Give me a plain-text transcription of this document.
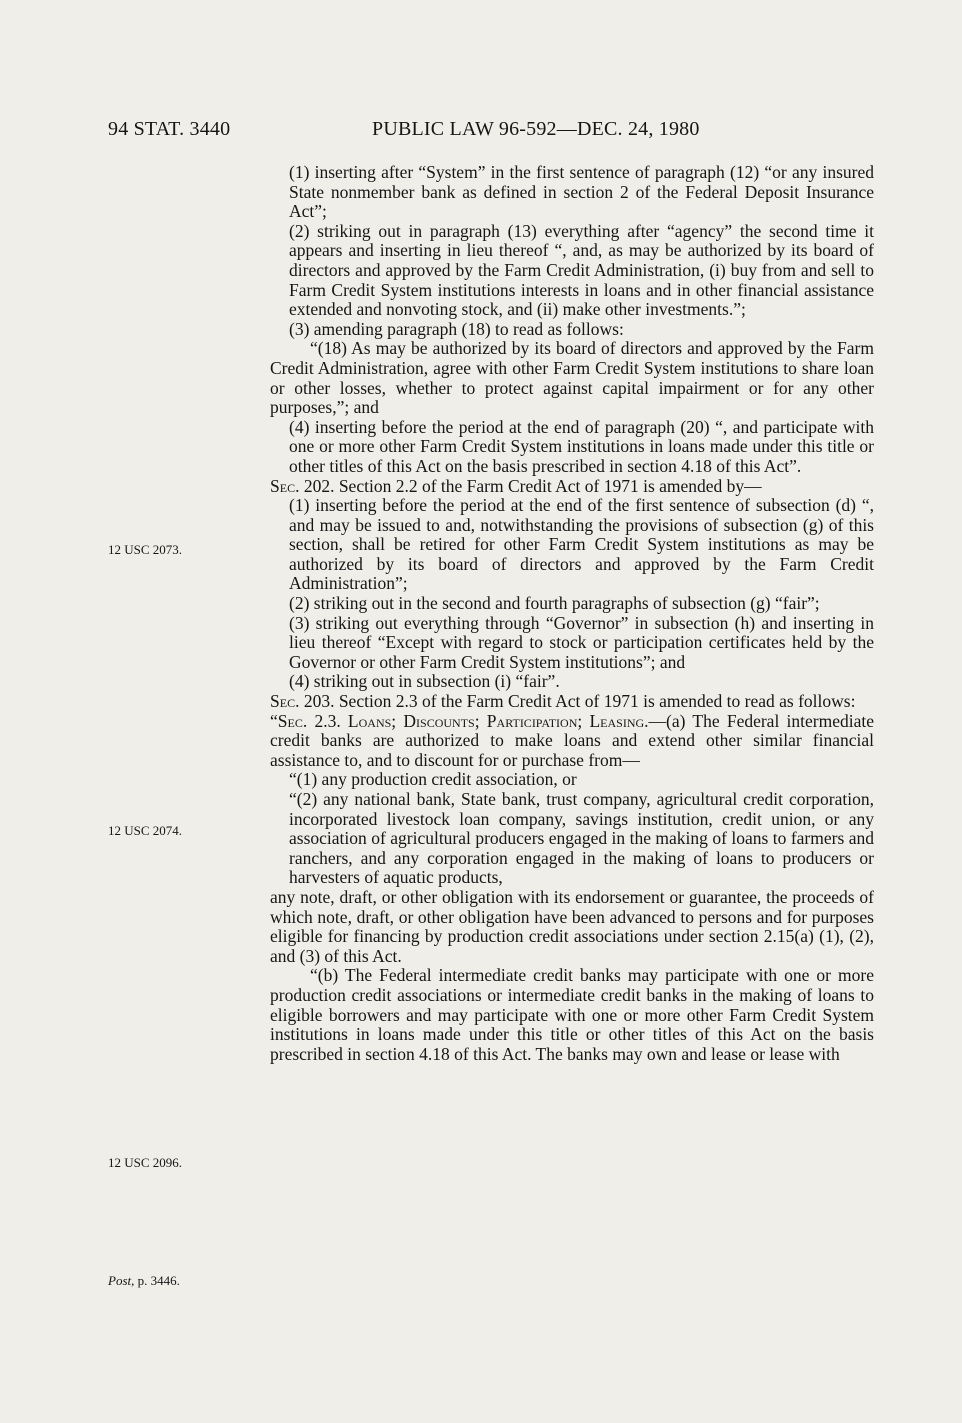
94 STAT. 3440	PUBLIC LAW 96-592—DEC. 24, 1980
12 USC 2073.
12 USC 2074.
12 USC 2096.
Post, p. 3446.

(1) inserting after “System” in the first sentence of paragraph (12) “or any insured State nonmember bank as defined in section 2 of the Federal Deposit Insurance Act”;

(2) striking out in paragraph (13) everything after “agency” the second time it appears and inserting in lieu thereof “, and, as may be authorized by its board of directors and approved by the Farm Credit Administration, (i) buy from and sell to Farm Credit System institutions interests in loans and in other financial assistance extended and nonvoting stock, and (ii) make other investments.”;

(3) amending paragraph (18) to read as follows:

“(18) As may be authorized by its board of directors and approved by the Farm Credit Administration, agree with other Farm Credit System institutions to share loan or other losses, whether to protect against capital impairment or for any other purposes,”; and

(4) inserting before the period at the end of paragraph (20) “, and participate with one or more other Farm Credit System institutions in loans made under this title or other titles of this Act on the basis prescribed in section 4.18 of this Act”.

Sec. 202. Section 2.2 of the Farm Credit Act of 1971 is amended by—

(1) inserting before the period at the end of the first sentence of subsection (d) “, and may be issued to and, notwithstanding the provisions of subsection (g) of this section, shall be retired for other Farm Credit System institutions as may be authorized by its board of directors and approved by the Farm Credit Administration”;

(2) striking out in the second and fourth paragraphs of subsection (g) “fair”;

(3) striking out everything through “Governor” in subsection (h) and inserting in lieu thereof “Except with regard to stock or participation certificates held by the Governor or other Farm Credit System institutions”; and

(4) striking out in subsection (i) “fair”.

Sec. 203. Section 2.3 of the Farm Credit Act of 1971 is amended to read as follows:

“Sec. 2.3. Loans; Discounts; Participation; Leasing.—(a) The Federal intermediate credit banks are authorized to make loans and extend other similar financial assistance to, and to discount for or purchase from—

“(1) any production credit association, or

“(2) any national bank, State bank, trust company, agricultural credit corporation, incorporated livestock loan company, savings institution, credit union, or any association of agricultural producers engaged in the making of loans to farmers and ranchers, and any corporation engaged in the making of loans to producers or harvesters of aquatic products,

any note, draft, or other obligation with its endorsement or guarantee, the proceeds of which note, draft, or other obligation have been advanced to persons and for purposes eligible for financing by production credit associations under section 2.15(a) (1), (2), and (3) of this Act.

“(b) The Federal intermediate credit banks may participate with one or more production credit associations or intermediate credit banks in the making of loans to eligible borrowers and may participate with one or more other Farm Credit System institutions in loans made under this title or other titles of this Act on the basis prescribed in section 4.18 of this Act. The banks may own and lease or lease with
